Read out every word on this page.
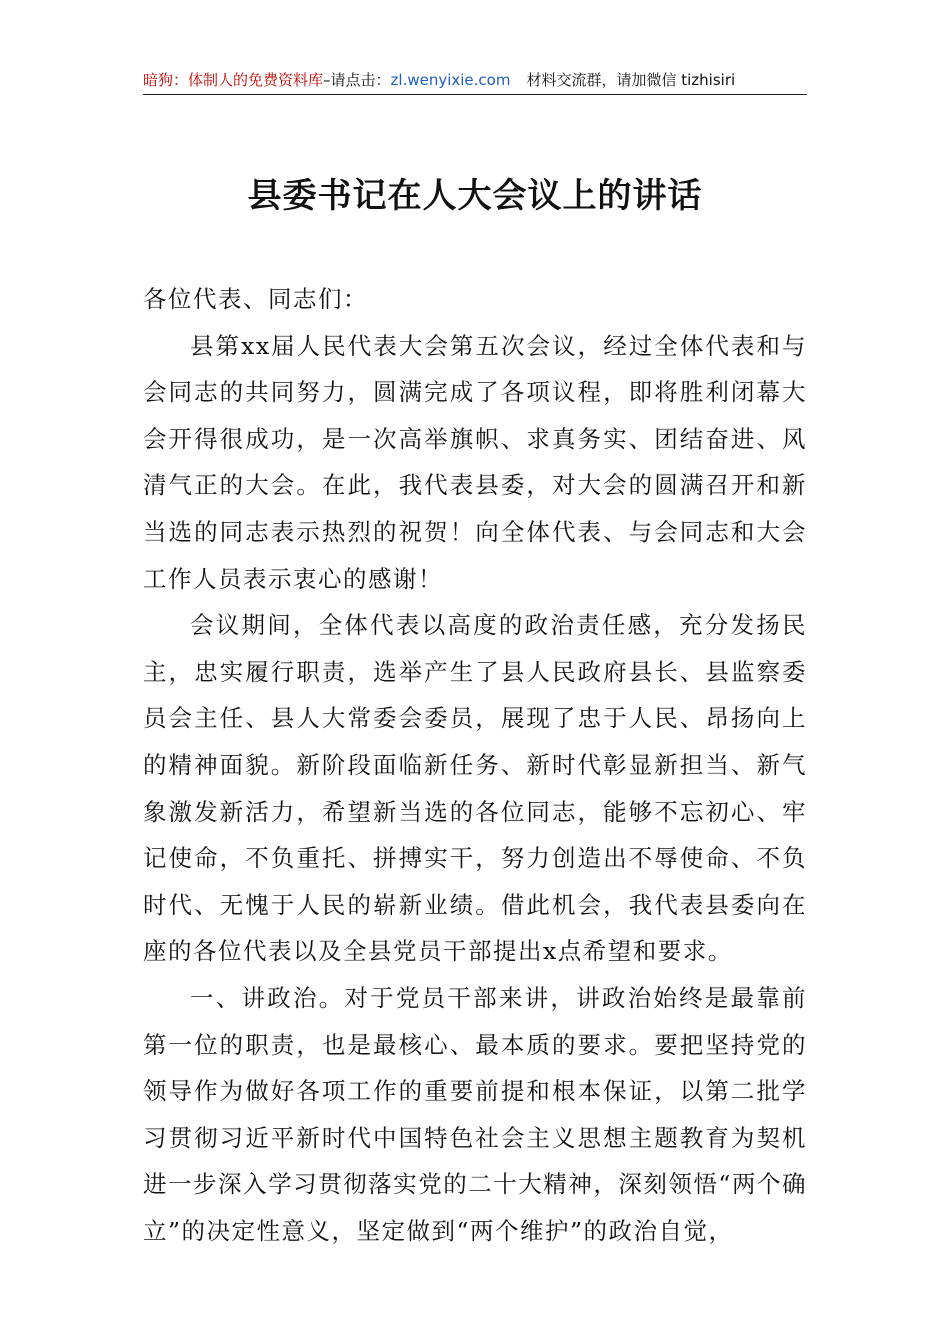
暗狗：体制人的免费资料库–请点击：zl.wenyixie.com 材料交流群，请加微信 tizhisiri
县委书记在人大会议上的讲话

各位代表、同志们：

县第xx届人民代表大会第五次会议，经过全体代表和与会同志的共同努力，圆满完成了各项议程，即将胜利闭幕大会开得很成功，是一次高举旗帜、求真务实、团结奋进、风清气正的大会。在此，我代表县委，对大会的圆满召开和新当选的同志表示热烈的祝贺！向全体代表、与会同志和大会工作人员表示衷心的感谢！

会议期间，全体代表以高度的政治责任感，充分发扬民主，忠实履行职责，选举产生了县人民政府县长、县监察委员会主任、县人大常委会委员，展现了忠于人民、昂扬向上的精神面貌。新阶段面临新任务、新时代彰显新担当、新气象激发新活力，希望新当选的各位同志，能够不忘初心、牢记使命，不负重托、拼搏实干，努力创造出不辱使命、不负时代、无愧于人民的崭新业绩。借此机会，我代表县委向在座的各位代表以及全县党员干部提出x点希望和要求。

一、讲政治。对于党员干部来讲，讲政治始终是最靠前第一位的职责，也是最核心、最本质的要求。要把坚持党的领导作为做好各项工作的重要前提和根本保证，以第二批学习贯彻习近平新时代中国特色社会主义思想主题教育为契机进一步深入学习贯彻落实党的二十大精神，深刻领悟“两个确立”的决定性意义，坚定做到“两个维护”的政治自觉，
